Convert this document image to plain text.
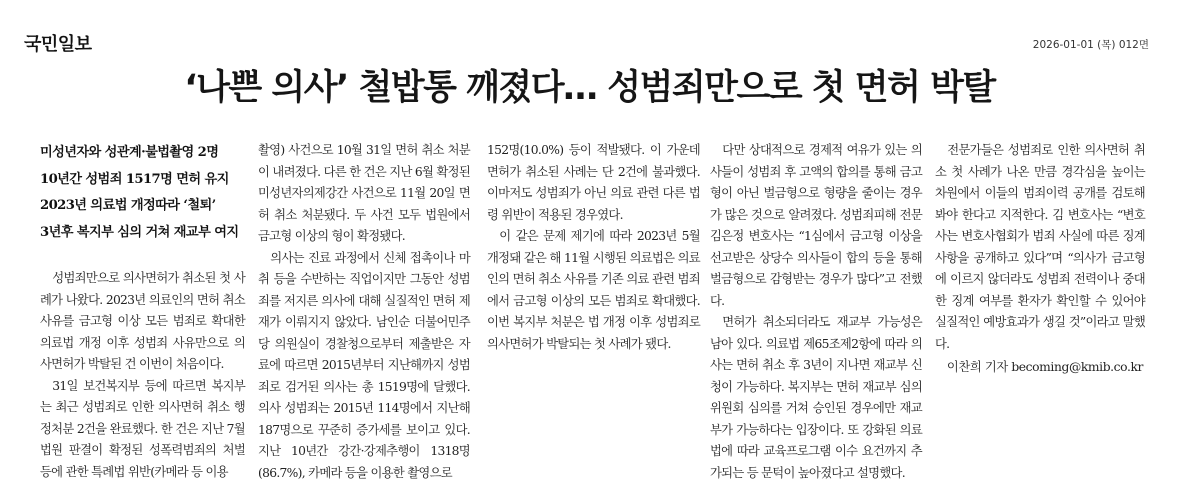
국민일보	2026-01-01 (목) 012면
‘나쁜 의사’ 철밥통 깨졌다… 성범죄만으로 첫 면허 박탈
미성년자와 성관계·불법촬영 2명
10년간 성범죄 1517명 면허 유지
2023년 의료법 개정따라 ‘철퇴’
3년후 복지부 심의 거쳐 재교부 여지

성범죄만으로 의사면허가 취소된 첫 사례가 나왔다. 2023년 의료인의 면허 취소 사유를 금고형 이상 모든 범죄로 확대한 의료법 개정 이후 성범죄 사유만으로 의사면허가 박탈된 건 이번이 처음이다.

31일 보건복지부 등에 따르면 복지부는 최근 성범죄로 인한 의사면허 취소 행정처분 2건을 완료했다. 한 건은 지난 7월 법원 판결이 확정된 성폭력범죄의 처벌 등에 관한 특례법 위반(카메라 등 이용

촬영) 사건으로 10월 31일 면허 취소 처분이 내려졌다. 다른 한 건은 지난 6월 확정된 미성년자의제강간 사건으로 11월 20일 면허 취소 처분됐다. 두 사건 모두 법원에서 금고형 이상의 형이 확정됐다.

의사는 진료 과정에서 신체 접촉이나 마취 등을 수반하는 직업이지만 그동안 성범죄를 저지른 의사에 대해 실질적인 면허 제재가 이뤄지지 않았다. 남인순 더불어민주당 의원실이 경찰청으로부터 제출받은 자료에 따르면 2015년부터 지난해까지 성범죄로 검거된 의사는 총 1519명에 달했다. 의사 성범죄는 2015년 114명에서 지난해 187명으로 꾸준히 증가세를 보이고 있다. 지난 10년간 강간·강제추행이 1318명(86.7%), 카메라 등을 이용한 촬영으로

152명(10.0%) 등이 적발됐다. 이 가운데 면허가 취소된 사례는 단 2건에 불과했다. 이마저도 성범죄가 아닌 의료 관련 다른 법령 위반이 적용된 경우였다.

이 같은 문제 제기에 따라 2023년 5월 개정돼 같은 해 11월 시행된 의료법은 의료인의 면허 취소 사유를 기존 의료 관련 범죄에서 금고형 이상의 모든 범죄로 확대했다. 이번 복지부 처분은 법 개정 이후 성범죄로 의사면허가 박탈되는 첫 사례가 됐다.

다만 상대적으로 경제적 여유가 있는 의사들이 성범죄 후 고액의 합의를 통해 금고형이 아닌 벌금형으로 형량을 줄이는 경우가 많은 것으로 알려졌다. 성범죄피해 전문 김은정 변호사는 “1심에서 금고형 이상을 선고받은 상당수 의사들이 합의 등을 통해 벌금형으로 감형받는 경우가 많다”고 전했다.

면허가 취소되더라도 재교부 가능성은 남아 있다. 의료법 제65조제2항에 따라 의사는 면허 취소 후 3년이 지나면 재교부 신청이 가능하다. 복지부는 면허 재교부 심의위원회 심의를 거쳐 승인된 경우에만 재교부가 가능하다는 입장이다. 또 강화된 의료법에 따라 교육프로그램 이수 요건까지 추가되는 등 문턱이 높아졌다고 설명했다.

전문가들은 성범죄로 인한 의사면허 취소 첫 사례가 나온 만큼 경각심을 높이는 차원에서 이들의 범죄이력 공개를 검토해 봐야 한다고 지적한다. 김 변호사는 “변호사는 변호사협회가 범죄 사실에 따른 징계 사항을 공개하고 있다”며 “의사가 금고형에 이르지 않더라도 성범죄 전력이나 중대한 징계 여부를 환자가 확인할 수 있어야 실질적인 예방효과가 생길 것”이라고 말했다.

이찬희 기자 becoming@kmib.co.kr
